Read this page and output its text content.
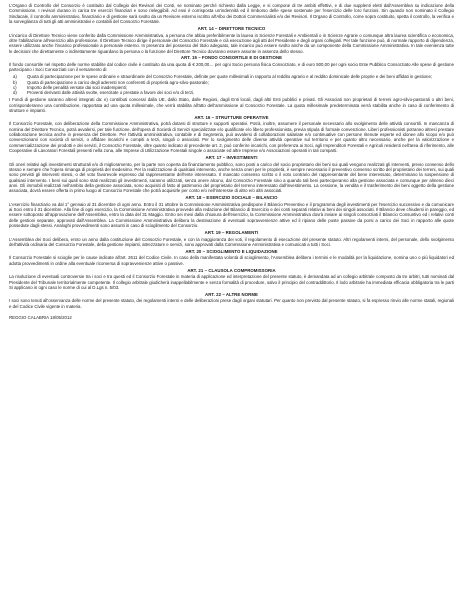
L'Organo di Controllo del Consorzio è costituito dal Collegio dei Revisori dei Conti, se nominato perché richiesto dalla Legge, e si compone di tre ambiti effettivi, e di due supplenti eletti dall'Assemblea su indicazione della Commissione. I revisori durano in carica tre esercizi finanziari e sono rieleggibili. Ad essi è corrisposta un'indennità ed il rimborso delle spese sostenute per l'esercizio delle loro funzioni. Sin quando non nominato il Collegio Sindacale, il controllo amministrativo, finanziario e di gestione sarà svolto da un Revisore esterno iscritto all'Albo dei Dottori Commercialisti e/o dei Revisori. Il Organo di Controllo, come sopra costituito, spetta il controllo, la verifica e la sorveglianza di tutti gli atti amministrativi e contabili del Consorzio Forestale.

ART. 14 – DIRETTORE TECNICO

L'incarico di Direttore Tecnico viene conferito dalla Commissione Amministrativa, a persona che abbia preferibilmente la laurea in Scienze Forestali e Ambientali o in Scienze Agrarie o comunque altra laurea scientifica o economica, oltre l'abilitazione all'esercizio alla professione. Il Direttore Tecnico dirige il personale del Consorzio Forestale e cià esecuzione agli atti del Presidente e degli organi collegiali. Per tale funzione può, di normale rapporto di dipendenza, essere utilizzato anche l'incarico professionale a personale esterno. In presenza del possesso del titolo adeguato, tale incarico può essere svolto anche da un componente della Commissione Amministrativa. In tale evenienza tutte le decisioni che direttamente o indirettamente riguardano la persona o la funzione del Direttore Tecnico dovranno essere assunte in assenza dello stesso.

ART. 15 – FONDO CONSORTILE E DI GESTIONE

Il fondo consortile nel rispetto delle norme stabilite dal codice civile è costituito da una quota di € 200,00… per ogni Socio persona fisica Consorziato, e di euro 500,00 per ogni socio Ente Pubblico Consorziato Alle spese di gestione partecipano i Soci Consorziati con il versamento di:

a)	Quota di partecipazione per le spese ordinarie e straordinarie del Consorzio Forestale, definite per quote millesimali in rapporto al reddito agrario e al reddito dominicale delle proprie e dei beni affidati in gestione;
b)	Quota di partecipazione a carico degli aderenti non conferenti di proprietà agro-silvo-pastorale;
c)	Importo delle penalità versate dai soci inadempienti;
d)	Proventi derivanti dalle attività svolte, esercitate o prestate a favore dei soci e/o di terzi,

I Fondi di gestione saranno altresì integrati da: e) contributi concessi dalla UE, dallo Stato, dalle Regioni, dagli Enti locali, dagli altri Enti pubblici e privati. Gli Associati non proprietari di terreni agro-silvo-pastorali o altri beni, corrisponderanno una contribuzione, rapportata ad una quota millesimale, che verrà stabilita all'atto dell'ammissione al Consorzio Forestale. La quota millesimale predeterminata verrà stabilita anche in caso di conferimento di strutture e impianti.

ART. 16 – STRUTTURE OPERATIVE

Il Consorzio Forestale, con deliberazione della Commissione Amministrativa, potrà dotarsi di strutture e supporti operativi. Potrà, inoltre, assumere il personale necessario allo svolgimento delle attività consortili. In mancanza di nomina del Direttore Tecnico, potrà avvalersi, per tale funzione, dell'opera di Società di Servizi specializzate e/o qualificate e/o libero professionista, previa stipula di formale convenzione. Liberi professionisti potranno altresì prestare collaborazione tecnica anche in presenza del Direttore. Per l'attività amministrativa, contabile e di Segreteria, può avvalersi di collaborazioni salariate e/o continuative con persone ritenute esperte ed idonee allo scopo e/o può convenzionarsi con società di servizi, o affidare incarichi e compiti a terzi, singoli o associati. Per lo svolgimento delle diverse attività operative sul territorio e per quanto altro necessario, anche per la valorizzazione e commercializzazione dei prodotti e dei servizi, il Consorzio Forestale, oltre quanto indicato al precedente art. 2, può conferire incarichi, con preferenza ai Soci, agli Imprenditori Forestali e Agricoli residenti nell'area di riferimento, alle Cooperative di Lavoratori Forestali presenti nella zona, alle Imprese di Utilizzazione Forestali singole o associate ed altre Imprese e/o Associazioni operanti in tali comparti.

ART. 17 – INVESTIMENTI

Gli oneri relativi agli investimenti strutturali e/o di miglioramento, per la parte non coperta da finanziamento pubblico, sono posti a carico del socio proprietario dei beni sui quali vengono realizzati gli interventi, previo consenso dello stesso e sempre che l'opera rimanga di proprietà del medesimo. Per la realizzazione di qualsiasi intervento, anche senza oneri per le proprietà, è sempre necessario il preventivo consenso scritto del proprietario dei terreni, sui quali sono previsti gli interventi stessi, o del voto favorevole espresso dal rappresentante dell'ente interessato. Il mancato consenso scritto o il voto contrario del rappresentante del bene interessato, determinano la sospensione di qualsiasi intervento. I beni sui quali sono stati realizzati gli investimenti, saranno utilizzati, senza onere alcuno, dal Consorzio Forestale sino a quando tali beni parteciperanno alla gestione associata e comunque per almeno dieci anni. Gli immobili realizzati nell'ambito della gestione associata, sono acquisiti di fatto al patrimonio del proprietario del terreno interessato dall'investimento. La cessione, la vendita e il trasferimento dei beni oggetto della gestione associata, dovrà essere offerta in primo luogo al Consorzio Forestale che potrà acquisirle per conto e/o nell'interesse di altro e/o altri associati.

ART. 18 – ESERCIZIO SOCIALE – BILANCIO

L'esercizio finanziario va dal 1° gennaio al 31 dicembre di ogni anno. Entro il 31 ottobre la Commissione Amministrativa predispone il Bilancio Preventivo e il programma degli investimenti per l'esercizio successivo e da comunicare ai Soci entro il 31 dicembre. Alla fine di ogni esercizio, la Commissione Amministrativa provvede alla redazione del Bilancio di Esercizio e dei conti separati relativi ai beni dei singoli associati. Il Bilancio deve chiudersi in pareggio, ed essere sottoposto all'approvazione dell'Assemblea, entro la data del 31 Maggio. Entro sei mesi dalla chiusura dell'esercizio, la Commissione Amministrativa dovrà inviare ai singoli consorziati il Bilancio Consuntivo ed i relativi conti delle gestioni separate, approvati dall'Assemblea. La Commissione Amministrativa delibera la destinazione di eventuali sopravvenienze attive ed il ripiano delle poste passive da porsi a carico dei Soci in rapporto alle quote possedute dagli stessi. Analoghi provvedimenti sono assunti in caso di scioglimento del Consorzio.

ART. 19 – REGOLAMENTI

L'Assemblea dei Soci delibera, entro un anno dalla costituzione del Consorzio Forestale, e con la maggioranza dei voti, il regolamento di esecuzione del presente statuto. Altri regolamenti interni, del personale, dello svolgimento dell'attività ordinaria del Consorzio Forestale, della gestione impianti, attrezzature e servizi, sono approvati dalla Commissione Amministrativa e comunicati a tutti i Soci.

ART. 20 – SCIOGLIMENTO E LIQUIDAZIONE

Il Consorzio Forestale si scioglie per le cause indicate all'art. 2611 del Codice Civile. In caso della manifestata volontà di scioglimento, l'Assemblea delibera i termini e le modalità per la liquidazione, nomina uno o più liquidatori ed adotta provvedimenti in ordine alla eventuale ricomersa di sopravvenienze attive o passive.

ART. 21 – CLAUSOLA COMPROMISSORIA

La risoluzione di eventuali controversie tra i soci e tra questi ed il Consorzio Forestale in materia di applicazione ed interpretazione del presente statuto, è demandata ad un collegio arbitrale composto da tre arbitri, tutti nominati dal Presidente del Tribunale territorialmente competente. Il collegio arbitrale giudicherà inappellabilmente e senza formalità di procedure, salvo il principio del contraddittorio. Il lodo arbitrale ha immediata efficacia obbligatoria tra le parti Si applicano in ogni caso le norme di cui al D.Lgs n. 5/03.

ART. 22 – ALTRE NORME

I soci sono tenuti all'osservanza delle norme del presente statuto, dei regolamenti interni e delle deliberazioni prese dagli organi statutari. Per quanto non previsto dal presente statuto, si fa espresso rinvio alle norme statali, regionali e del Codice Civile vigente in materia.

REGGIO CALABRIA 18/05/2012
